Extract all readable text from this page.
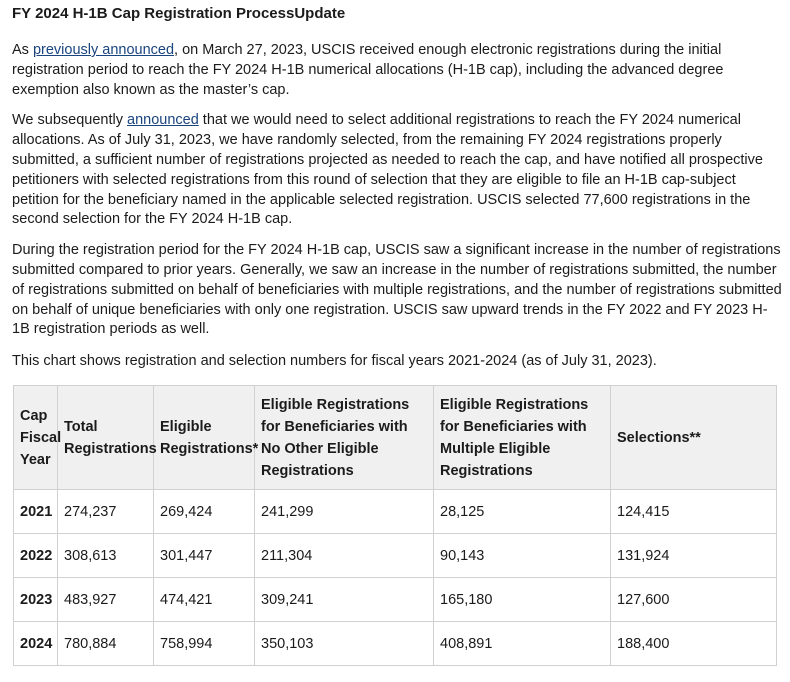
FY 2024 H-1B Cap Registration ProcessUpdate

As previously announced, on March 27, 2023, USCIS received enough electronic registrations during the initial registration period to reach the FY 2024 H-1B numerical allocations (H-1B cap), including the advanced degree exemption also known as the master’s cap.

We subsequently announced that we would need to select additional registrations to reach the FY 2024 numerical allocations. As of July 31, 2023, we have randomly selected, from the remaining FY 2024 registrations properly submitted, a sufficient number of registrations projected as needed to reach the cap, and have notified all prospective petitioners with selected registrations from this round of selection that they are eligible to file an H-1B cap-subject petition for the beneficiary named in the applicable selected registration. USCIS selected 77,600 registrations in the second selection for the FY 2024 H-1B cap.

During the registration period for the FY 2024 H-1B cap, USCIS saw a significant increase in the number of registrations submitted compared to prior years. Generally, we saw an increase in the number of registrations submitted, the number of registrations submitted on behalf of beneficiaries with multiple registrations, and the number of registrations submitted on behalf of unique beneficiaries with only one registration. USCIS saw upward trends in the FY 2022 and FY 2023 H-1B registration periods as well.

This chart shows registration and selection numbers for fiscal years 2021-2024 (as of July 31, 2023).

Cap Fiscal Year	Total Registrations	Eligible Registrations*	Eligible Registrations for Beneficiaries with No Other Eligible Registrations	Eligible Registrations for Beneficiaries with Multiple Eligible Registrations	Selections**
2021	274,237	269,424	241,299	28,125	124,415
2022	308,613	301,447	211,304	90,143	131,924
2023	483,927	474,421	309,241	165,180	127,600
2024	780,884	758,994	350,103	408,891	188,400
